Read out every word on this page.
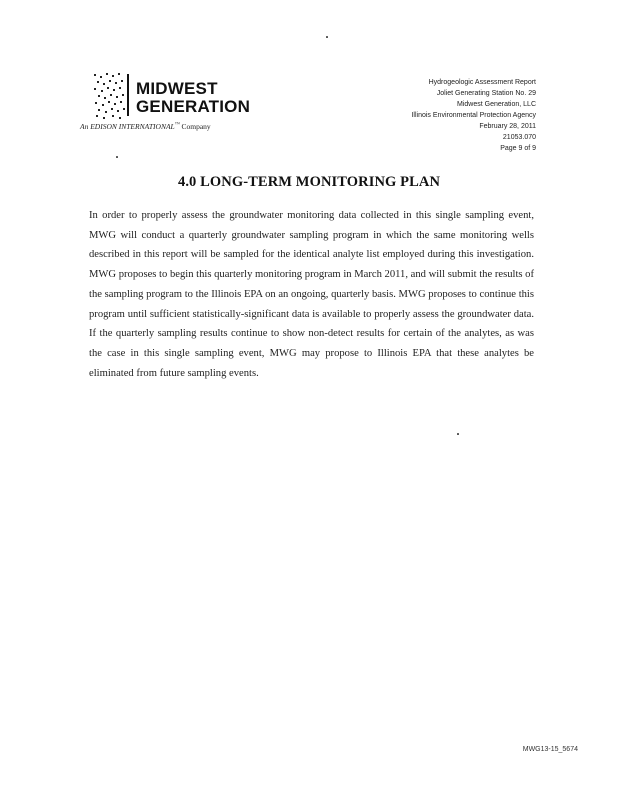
MIDWEST
GENERATION
An EDISON INTERNATIONAL™ Company
Hydrogeologic Assessment Report
Joliet Generating Station No. 29
Midwest Generation, LLC
Illinois Environmental Protection Agency
February 28, 2011
21053.070
Page 9 of 9
4.0 LONG-TERM MONITORING PLAN
In order to properly assess the groundwater monitoring data collected in this single sampling event, MWG will conduct a quarterly groundwater sampling program in which the same monitoring wells described in this report will be sampled for the identical analyte list employed during this investigation. MWG proposes to begin this quarterly monitoring program in March 2011, and will submit the results of the sampling program to the Illinois EPA on an ongoing, quarterly basis. MWG proposes to continue this program until sufficient statistically-significant data is available to properly assess the groundwater data. If the quarterly sampling results continue to show non-detect results for certain of the analytes, as was the case in this single sampling event, MWG may propose to Illinois EPA that these analytes be eliminated from future sampling events.
MWG13-15_5674
